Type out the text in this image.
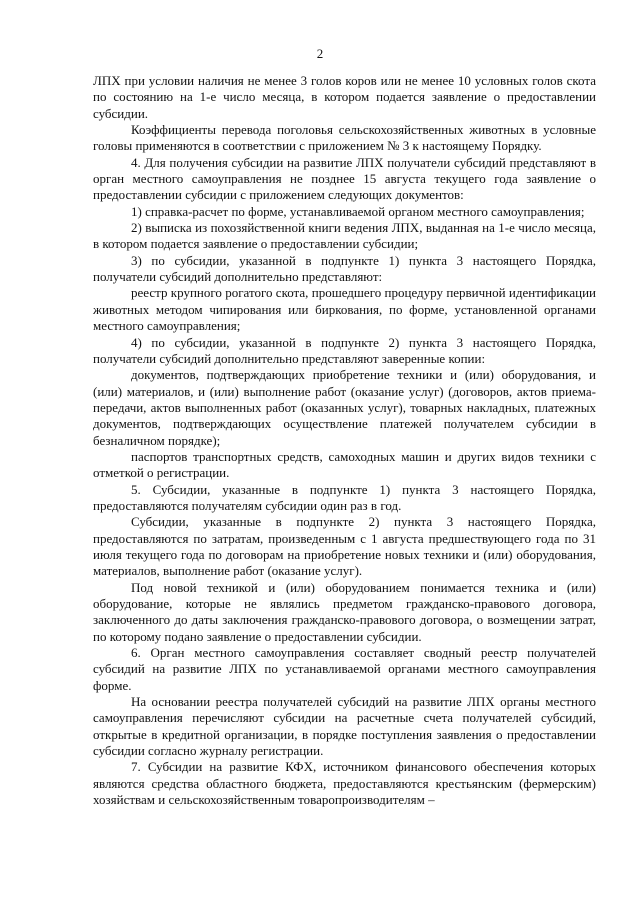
2

ЛПХ при условии наличия не менее 3 голов коров или не менее 10 условных голов скота по состоянию на 1-е число месяца, в котором подается заявление о предоставлении субсидии.

Коэффициенты перевода поголовья сельскохозяйственных животных в условные головы применяются в соответствии с приложением № 3 к настоящему Порядку.

4. Для получения субсидии на развитие ЛПХ получатели субсидий представляют в орган местного самоуправления не позднее 15 августа текущего года заявление о предоставлении субсидии с приложением следующих документов:

1) справка-расчет по форме, устанавливаемой органом местного самоуправления;

2) выписка из похозяйственной книги ведения ЛПХ, выданная на 1-е число месяца, в котором подается заявление о предоставлении субсидии;

3) по субсидии, указанной в подпункте 1) пункта 3 настоящего Порядка, получатели субсидий дополнительно представляют:

реестр крупного рогатого скота, прошедшего процедуру первичной идентификации животных методом чипирования или биркования, по форме, установленной органами местного самоуправления;

4) по субсидии, указанной в подпункте 2) пункта 3 настоящего Порядка, получатели субсидий дополнительно представляют заверенные копии:

документов, подтверждающих приобретение техники и (или) оборудования, и (или) материалов, и (или) выполнение работ (оказание услуг) (договоров, актов приема-передачи, актов выполненных работ (оказанных услуг), товарных накладных, платежных документов, подтверждающих осуществление платежей получателем субсидии в безналичном порядке);

паспортов транспортных средств, самоходных машин и других видов техники с отметкой о регистрации.

5. Субсидии, указанные в подпункте 1) пункта 3 настоящего Порядка, предоставляются получателям субсидии один раз в год.

Субсидии, указанные в подпункте 2) пункта 3 настоящего Порядка, предоставляются по затратам, произведенным с 1 августа предшествующего года по 31 июля текущего года по договорам на приобретение новых техники и (или) оборудования, материалов, выполнение работ (оказание услуг).

Под новой техникой и (или) оборудованием понимается техника и (или) оборудование, которые не являлись предметом гражданско-правового договора, заключенного до даты заключения гражданско-правового договора, о возмещении затрат, по которому подано заявление о предоставлении субсидии.

6. Орган местного самоуправления составляет сводный реестр получателей субсидий на развитие ЛПХ по устанавливаемой органами местного самоуправления форме.

На основании реестра получателей субсидий на развитие ЛПХ органы местного самоуправления перечисляют субсидии на расчетные счета получателей субсидий, открытые в кредитной организации, в порядке поступления заявления о предоставлении субсидии согласно журналу регистрации.

7. Субсидии на развитие КФХ, источником финансового обеспечения которых являются средства областного бюджета, предоставляются крестьянским (фермерским) хозяйствам и сельскохозяйственным товаропроизводителям –
